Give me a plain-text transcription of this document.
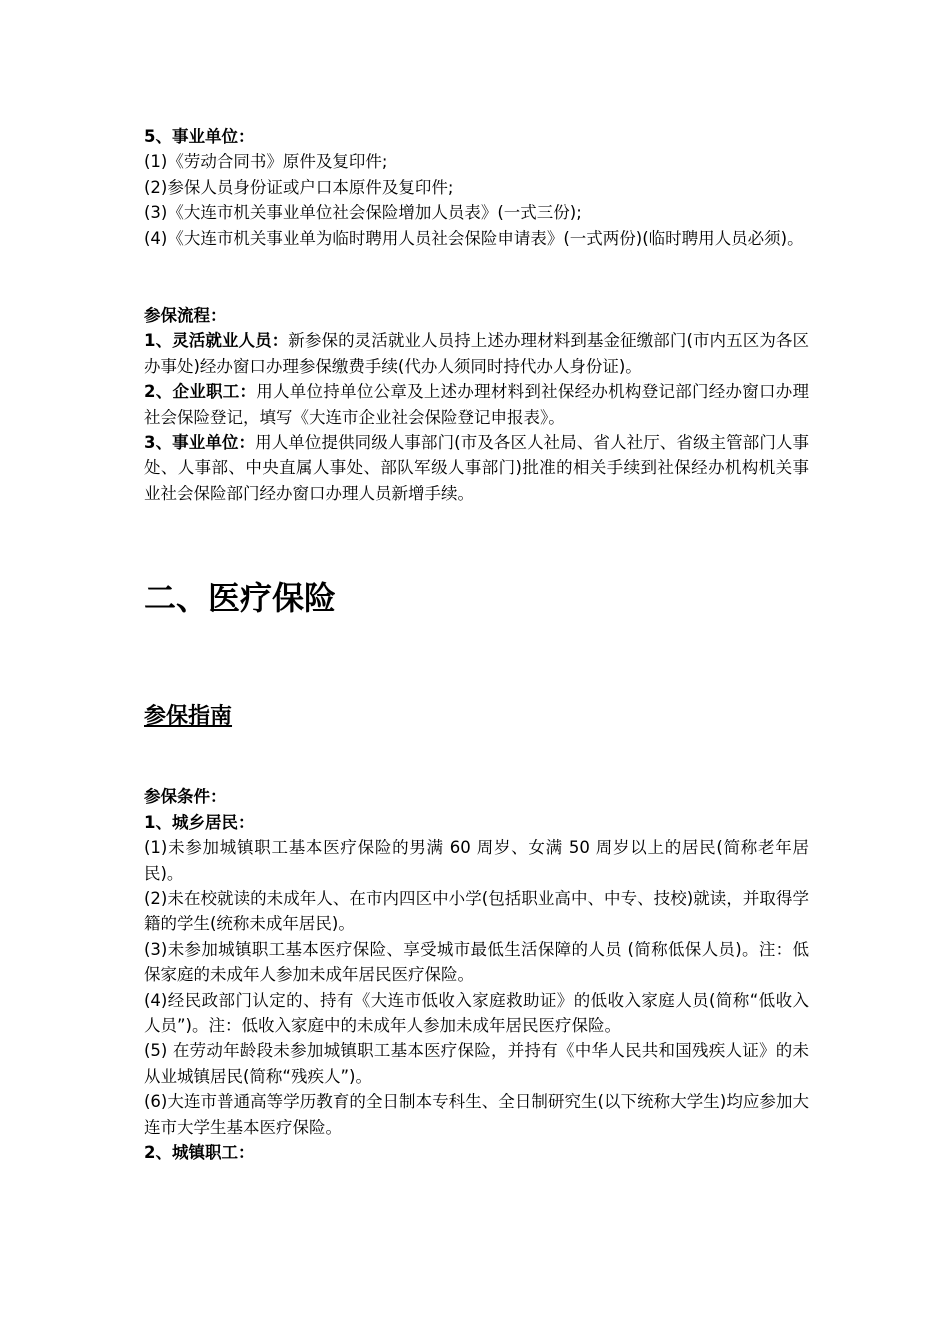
5、事业单位：

(1)《劳动合同书》原件及复印件;

(2)参保人员身份证或户口本原件及复印件;

(3)《大连市机关事业单位社会保险增加人员表》(一式三份);

(4)《大连市机关事业单为临时聘用人员社会保险申请表》(一式两份)(临时聘用人员必须)。

参保流程：

1、灵活就业人员：新参保的灵活就业人员持上述办理材料到基金征缴部门(市内五区为各区办事处)经办窗口办理参保缴费手续(代办人须同时持代办人身份证)。

2、企业职工：用人单位持单位公章及上述办理材料到社保经办机构登记部门经办窗口办理社会保险登记，填写《大连市企业社会保险登记申报表》。

3、事业单位：用人单位提供同级人事部门(市及各区人社局、省人社厅、省级主管部门人事处、人事部、中央直属人事处、部队军级人事部门)批准的相关手续到社保经办机构机关事业社会保险部门经办窗口办理人员新增手续。

二、医疗保险
参保指南

参保条件：

1、城乡居民：

(1)未参加城镇职工基本医疗保险的男满 60 周岁、女满 50 周岁以上的居民(简称老年居民)。

(2)未在校就读的未成年人、在市内四区中小学(包括职业高中、中专、技校)就读，并取得学籍的学生(统称未成年居民)。

(3)未参加城镇职工基本医疗保险、享受城市最低生活保障的人员 (简称低保人员)。注：低保家庭的未成年人参加未成年居民医疗保险。

(4)经民政部门认定的、持有《大连市低收入家庭救助证》的低收入家庭人员(简称“低收入人员”)。注：低收入家庭中的未成年人参加未成年居民医疗保险。

(5) 在劳动年龄段未参加城镇职工基本医疗保险，并持有《中华人民共和国残疾人证》的未从业城镇居民(简称“残疾人”)。

(6)大连市普通高等学历教育的全日制本专科生、全日制研究生(以下统称大学生)均应参加大连市大学生基本医疗保险。

2、城镇职工：
